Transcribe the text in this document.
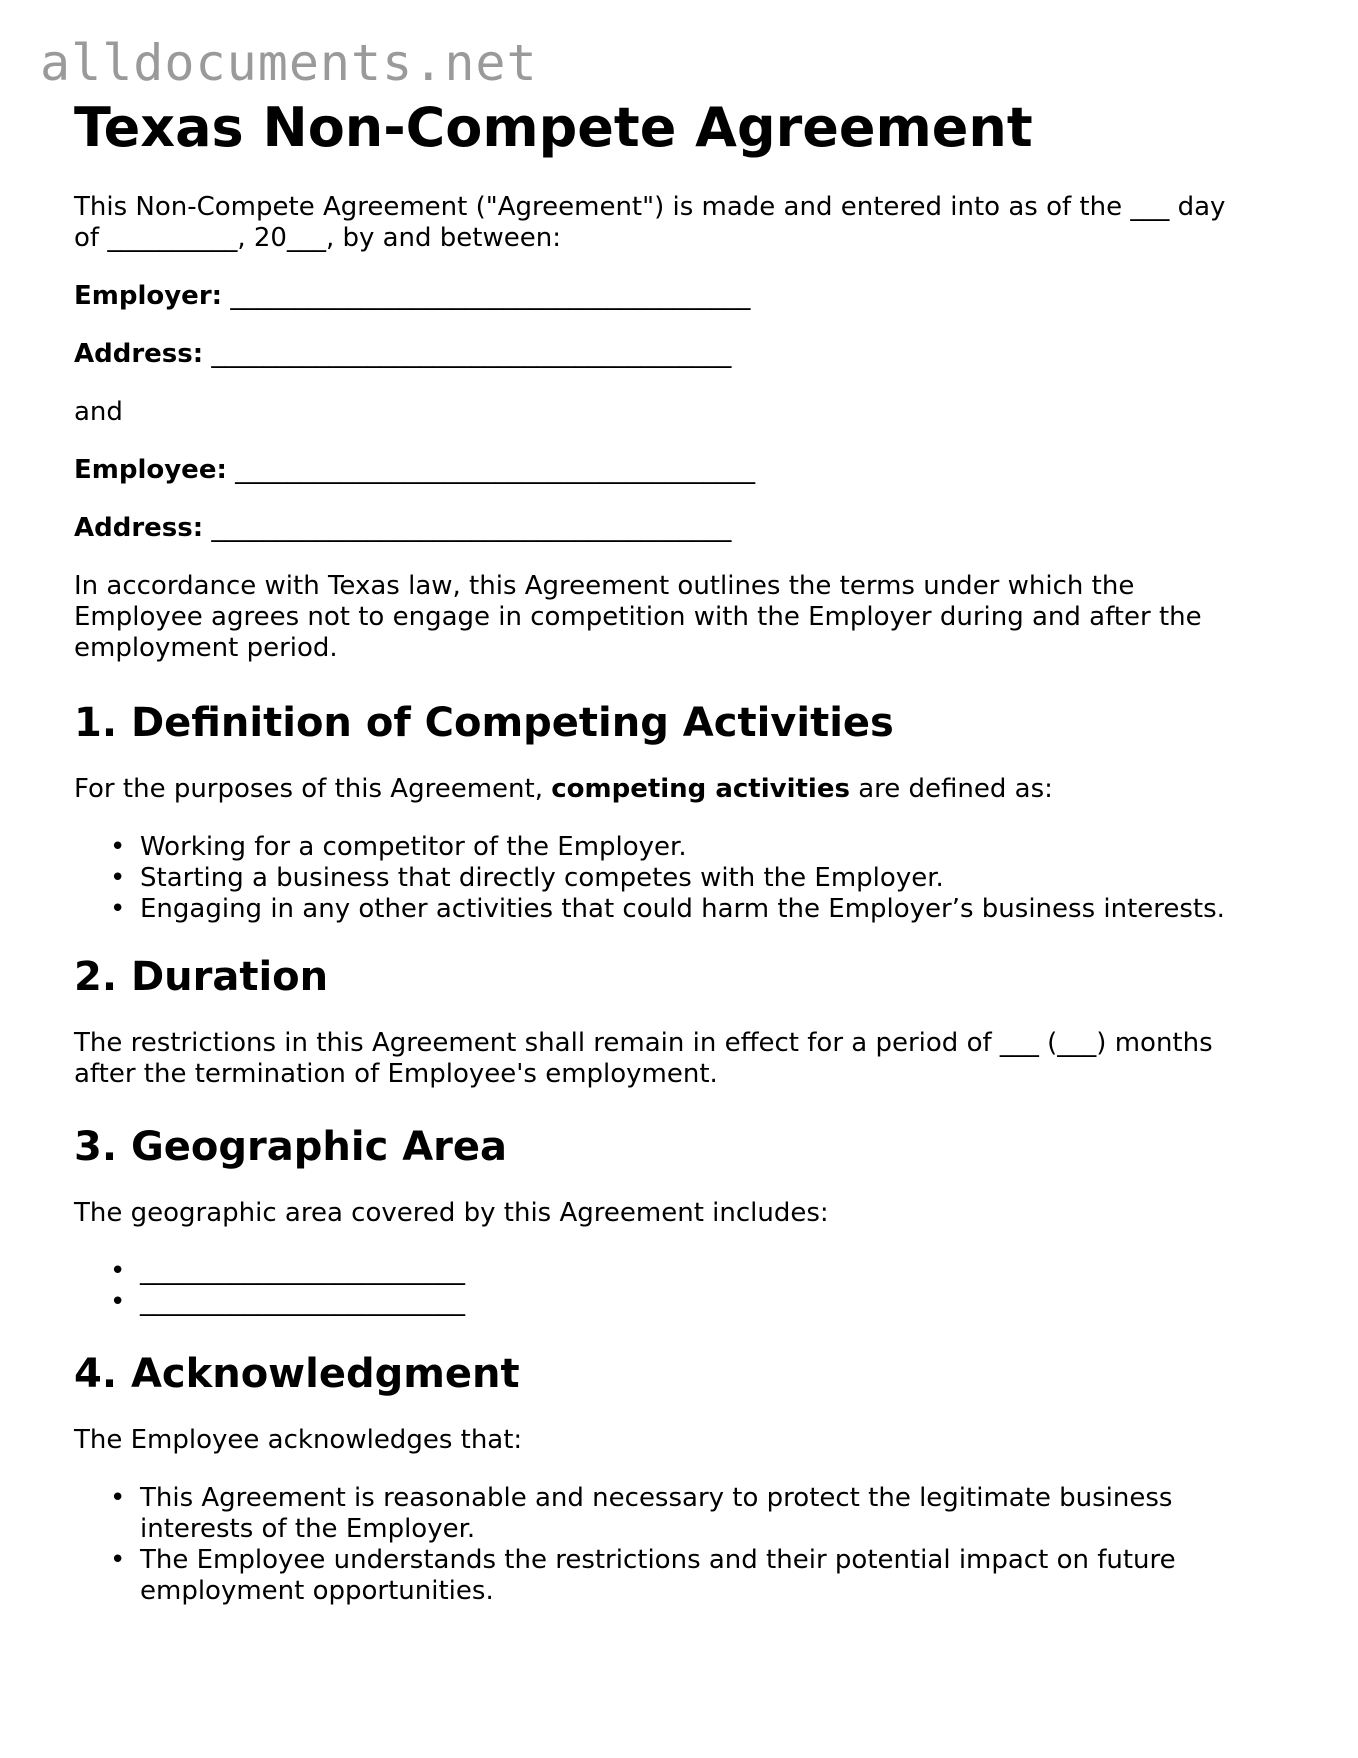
alldocuments.net
Texas Non-Compete Agreement

This Non-Compete Agreement ("Agreement") is made and entered into as of the ___ day
of __________, 20___, by and between:

Employer: ________________________________________

Address: ________________________________________

and

Employee: ________________________________________

Address: ________________________________________

In accordance with Texas law, this Agreement outlines the terms under which the
Employee agrees not to engage in competition with the Employer during and after the
employment period.

1. Definition of Competing Activities

For the purposes of this Agreement, competing activities are defined as:

• Working for a competitor of the Employer.
• Starting a business that directly competes with the Employer.
• Engaging in any other activities that could harm the Employer’s business interests.
2. Duration

The restrictions in this Agreement shall remain in effect for a period of ___ (___) months
after the termination of Employee's employment.

3. Geographic Area

The geographic area covered by this Agreement includes:

• _________________________
• _________________________
4. Acknowledgment

The Employee acknowledges that:

• This Agreement is reasonable and necessary to protect the legitimate business
interests of the Employer.
• The Employee understands the restrictions and their potential impact on future
employment opportunities.
